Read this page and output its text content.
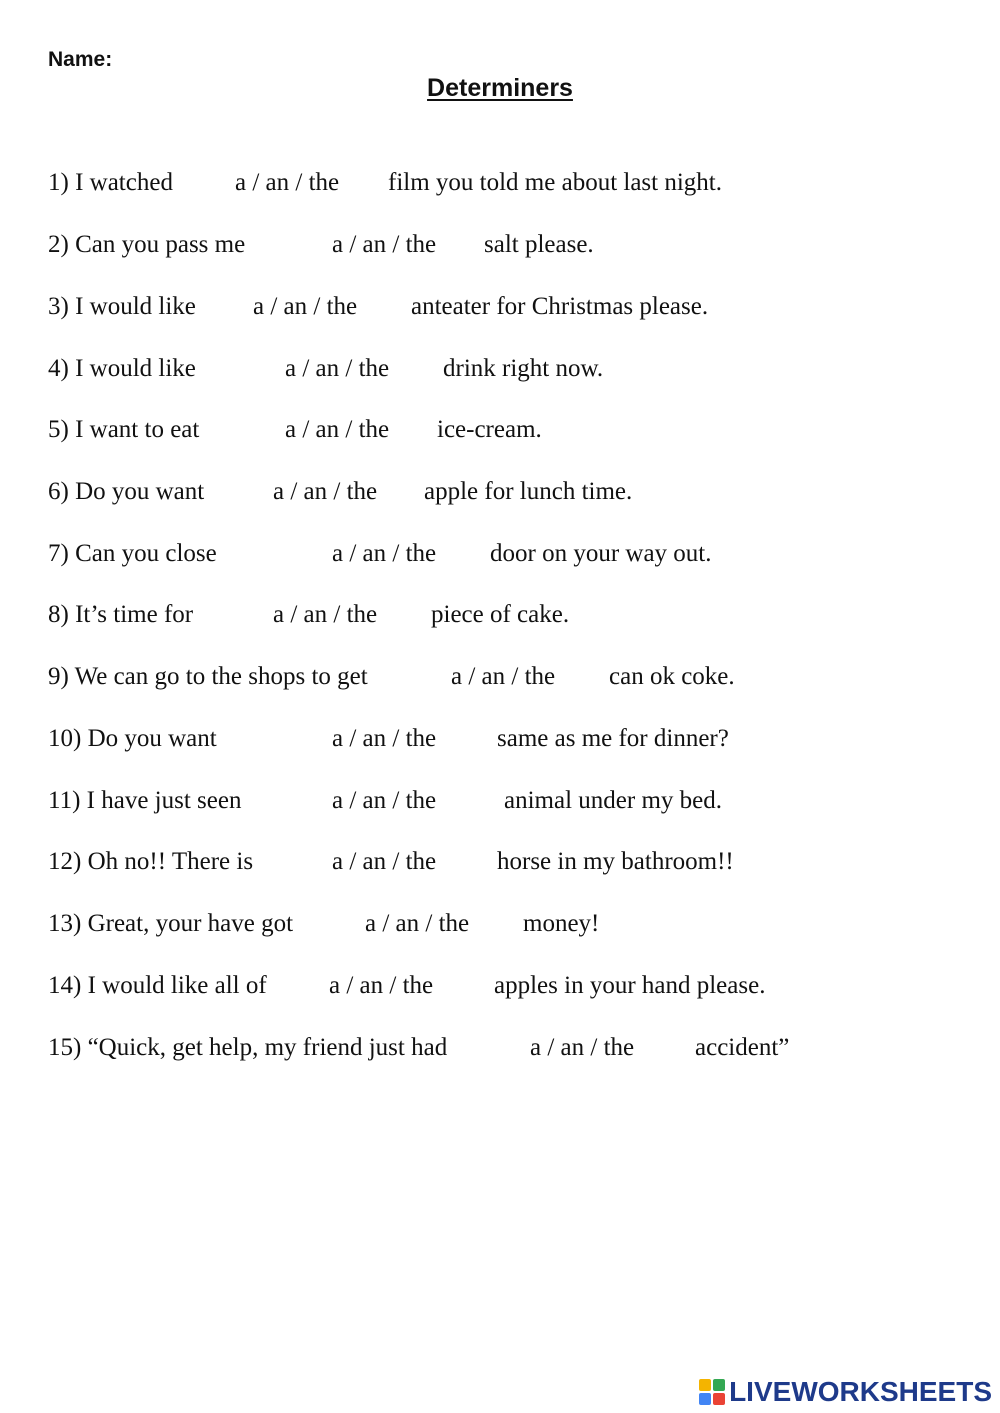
Name:
Determiners
1) I watched a / an / the film you told me about last night.
2) Can you pass me	a / an / the salt please.
3) I would like a / an / the anteater for Christmas please.
4) I would like	a / an / the drink right now.
5) I want to eat	a / an / the ice-cream.
6) Do you want	a / an / the apple for lunch time.
7) Can you close	a / an / the door on your way out.
8) It’s time for	a / an / the piece of cake.
9) We can go to the shops to get	a / an / the can ok coke.
10) Do you want	a / an / the same as me for dinner?
11) I have just seen	a / an / the	animal under my bed.
12) Oh no!! There is	a / an / the horse in my bathroom!!
13) Great, your have got	a / an / the money!
14) I would like all of a / an / the apples in your hand please.
15) “Quick, get help, my friend just had	a / an / the accident”
LIVEWORKSHEETS
